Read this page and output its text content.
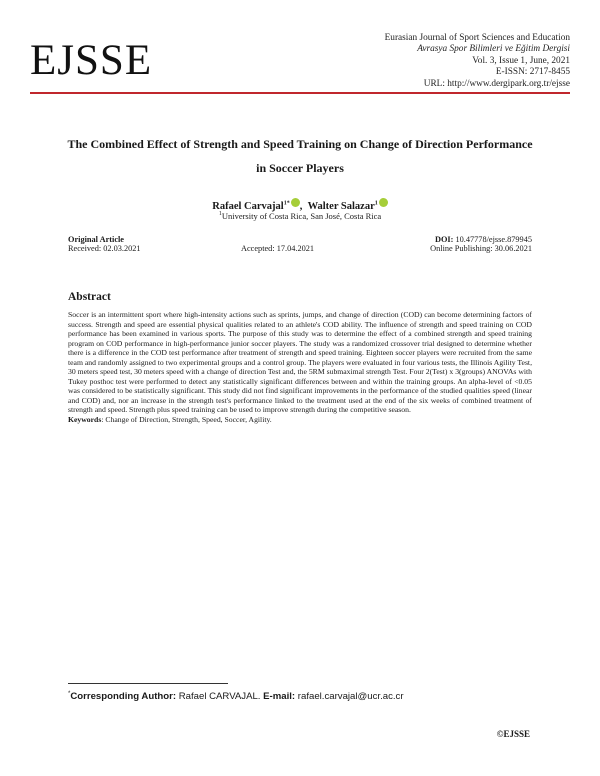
EJSSE	Eurasian Journal of Sport Sciences and Education
Avrasya Spor Bilimleri ve Eğitim Dergisi
Vol. 3, Issue 1, June, 2021
E-ISSN: 2717-8455
URL: http://www.dergipark.org.tr/ejsse
The Combined Effect of Strength and Speed Training on Change of Direction Performance
in Soccer Players
Rafael Carvajal$^{1*}$ , Walter Salazar$^1$
$^1$University of Costa Rica, San José, Costa Rica
Original Article	DOI: 10.47778/ejsse.879945
Received: 02.03.2021	Accepted: 17.04.2021	Online Publishing: 30.06.2021
Abstract
Soccer is an intermittent sport where high-intensity actions such as sprints, jumps, and change of direction (COD) can become determining factors of success. Strength and speed are essential physical qualities related to an athlete's COD ability. The influence of strength and speed training on COD performance has been examined in various sports. The purpose of this study was to determine the effect of a combined strength and speed training program on COD performance in high-performance junior soccer players. The study was a randomized crossover trial designed to determine whether there is a difference in the COD test performance after treatment of strength and speed training. Eighteen soccer players were recruited from the same team and randomly assigned to two experimental groups and a control group. The players were evaluated in four various tests, the Illinois Agility Test, 30 meters speed test, 30 meters speed with a change of direction Test and, the 5RM submaximal strength Test. Four 2(Test) x 3(groups) ANOVAs with Tukey posthoc test were performed to detect any statistically significant differences between and within the training groups. An alpha-level of <0.05 was considered to be statistically significant. This study did not find significant improvements in the performance of the studied qualities speed (linear and COD) and, nor an increase in the strength test's performance linked to the treatment used at the end of the six weeks of combined treatment of strength and speed. Strength plus speed training can be used to improve strength during the competitive season.
Keywords: Change of Direction, Strength, Speed, Soccer, Agility.
*Corresponding Author: Rafael CARVAJAL. E-mail: rafael.carvajal@ucr.ac.cr
©EJSSE
